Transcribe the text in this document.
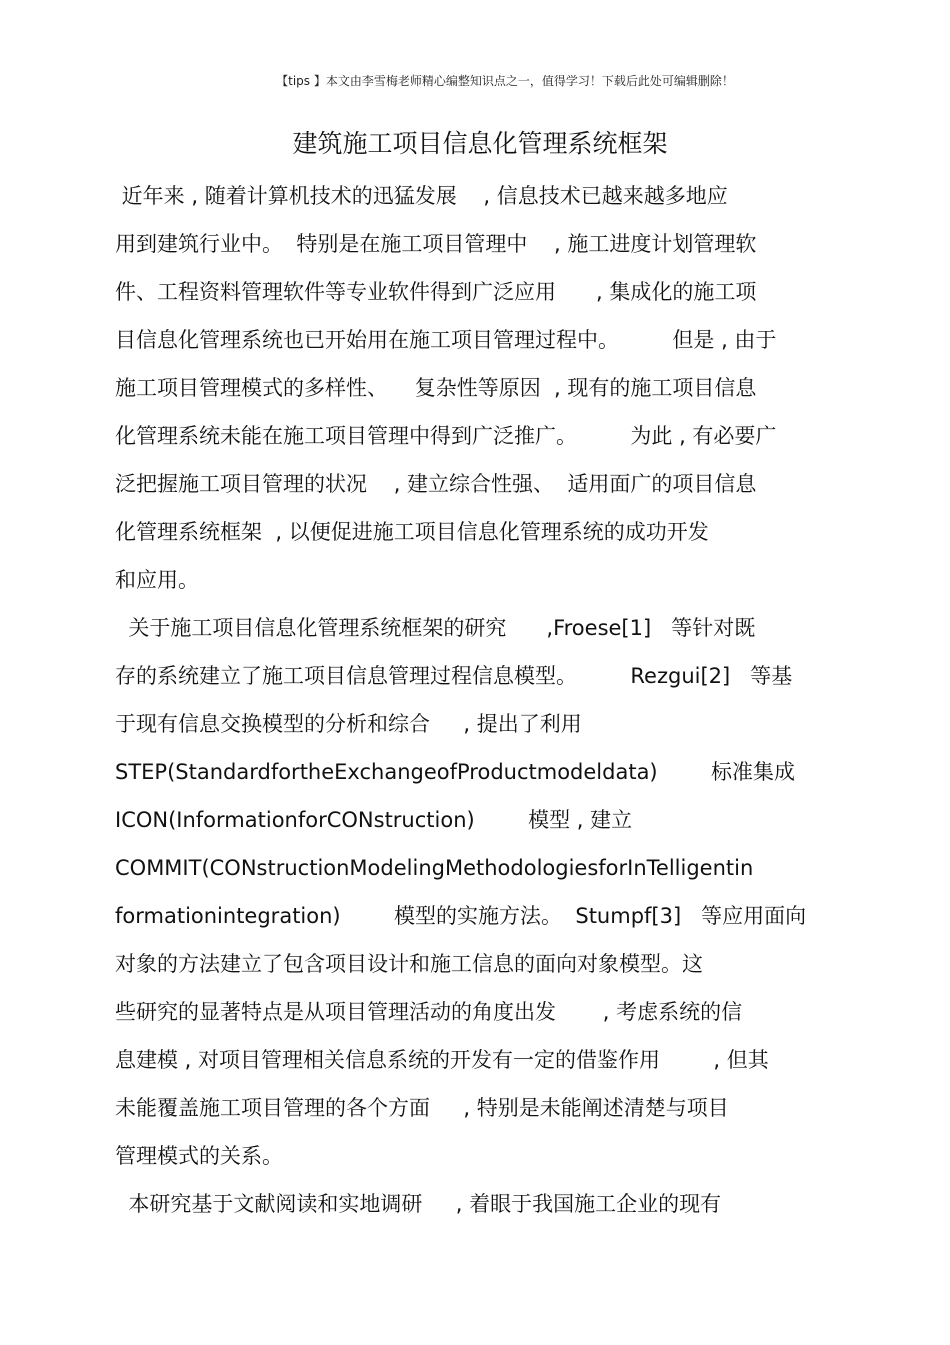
【tips 】本文由李雪梅老师精心编整知识点之一，值得学习！下载后此处可编辑删除！
建筑施工项目信息化管理系统框架
近年来 , 随着计算机技术的迅猛发展    , 信息技术已越来越多地应
用到建筑行业中。  特别是在施工项目管理中    , 施工进度计划管理软
件、工程资料管理软件等专业软件得到广泛应用      , 集成化的施工项
目信息化管理系统也已开始用在施工项目管理过程中。        但是 , 由于
施工项目管理模式的多样性、    复杂性等原因  , 现有的施工项目信息
化管理系统未能在施工项目管理中得到广泛推广。        为此 , 有必要广
泛把握施工项目管理的状况    , 建立综合性强、  适用面广的项目信息
化管理系统框架  , 以便促进施工项目信息化管理系统的成功开发
和应用。
关于施工项目信息化管理系统框架的研究      ,Froese[1]   等针对既
存的系统建立了施工项目信息管理过程信息模型。        Rezgui[2]   等基
于现有信息交换模型的分析和综合     , 提出了利用
STEP(StandardfortheExchangeofProductmodeldata)        标准集成
ICON(InformationforCONstruction)        模型 , 建立
COMMIT(CONstructionModelingMethodologiesforInTelligentin
formationintegration)        模型的实施方法。  Stumpf[3]   等应用面向
对象的方法建立了包含项目设计和施工信息的面向对象模型。这
些研究的显著特点是从项目管理活动的角度出发       , 考虑系统的信
息建模 , 对项目管理相关信息系统的开发有一定的借鉴作用        , 但其
未能覆盖施工项目管理的各个方面     , 特别是未能阐述清楚与项目
管理模式的关系。
本研究基于文献阅读和实地调研     , 着眼于我国施工企业的现有
